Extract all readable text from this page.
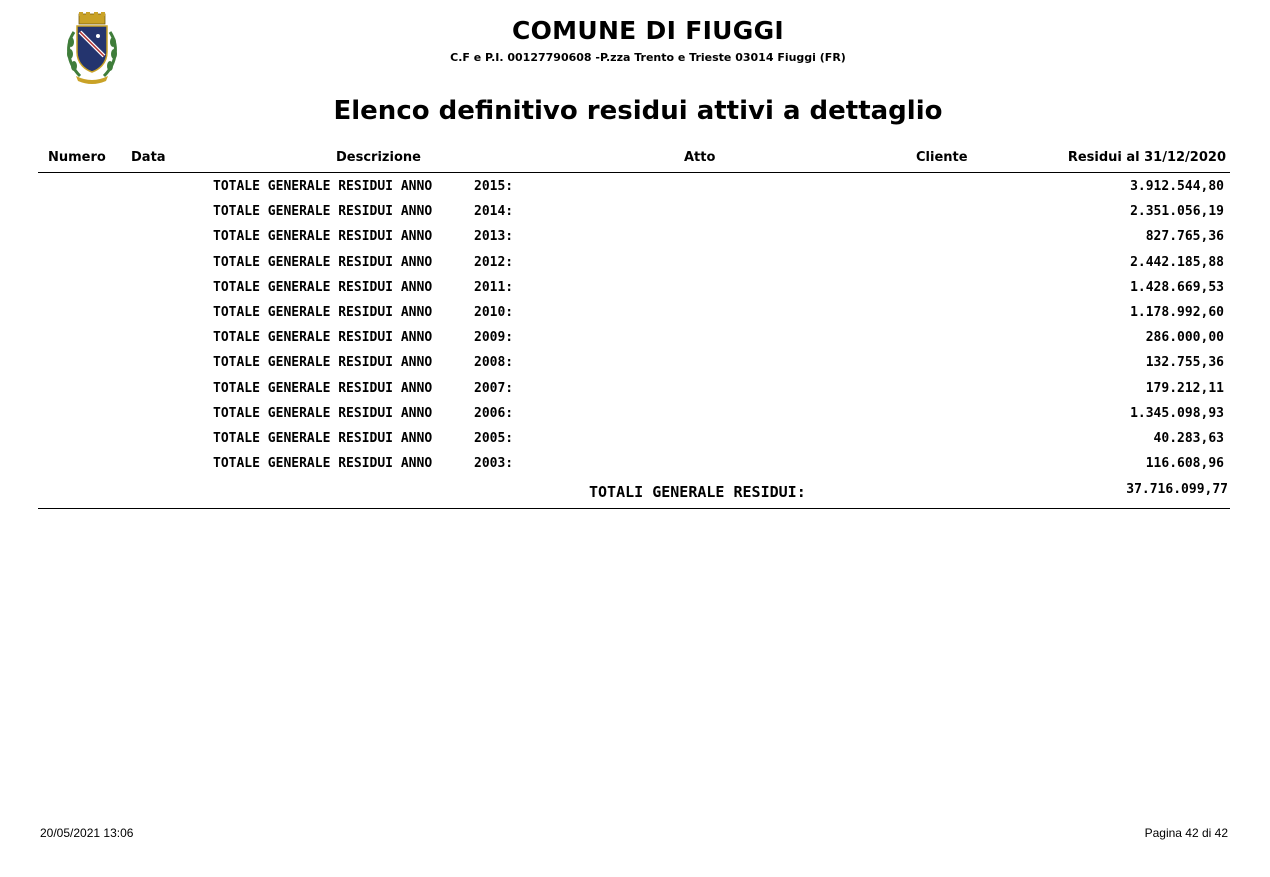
COMUNE DI FIUGGI
C.F e P.I. 00127790608 -P.zza Trento e Trieste 03014 Fiuggi (FR)
Elenco definitivo residui attivi a dettaglio
Numero Data	Descrizione	Atto	Cliente	Residui al 31/12/2020
TOTALE GENERALE RESIDUI ANNO	2015:	3.912.544,80
TOTALE GENERALE RESIDUI ANNO	2014:	2.351.056,19
TOTALE GENERALE RESIDUI ANNO	2013:	827.765,36
TOTALE GENERALE RESIDUI ANNO	2012:	2.442.185,88
TOTALE GENERALE RESIDUI ANNO	2011:	1.428.669,53
TOTALE GENERALE RESIDUI ANNO	2010:	1.178.992,60
TOTALE GENERALE RESIDUI ANNO	2009:	286.000,00
TOTALE GENERALE RESIDUI ANNO	2008:	132.755,36
TOTALE GENERALE RESIDUI ANNO	2007:	179.212,11
TOTALE GENERALE RESIDUI ANNO	2006:	1.345.098,93
TOTALE GENERALE RESIDUI ANNO	2005:	40.283,63
TOTALE GENERALE RESIDUI ANNO	2003:	116.608,96
TOTALI GENERALE RESIDUI:	37.716.099,77
20/05/2021 13:06	Pagina 42 di 42
